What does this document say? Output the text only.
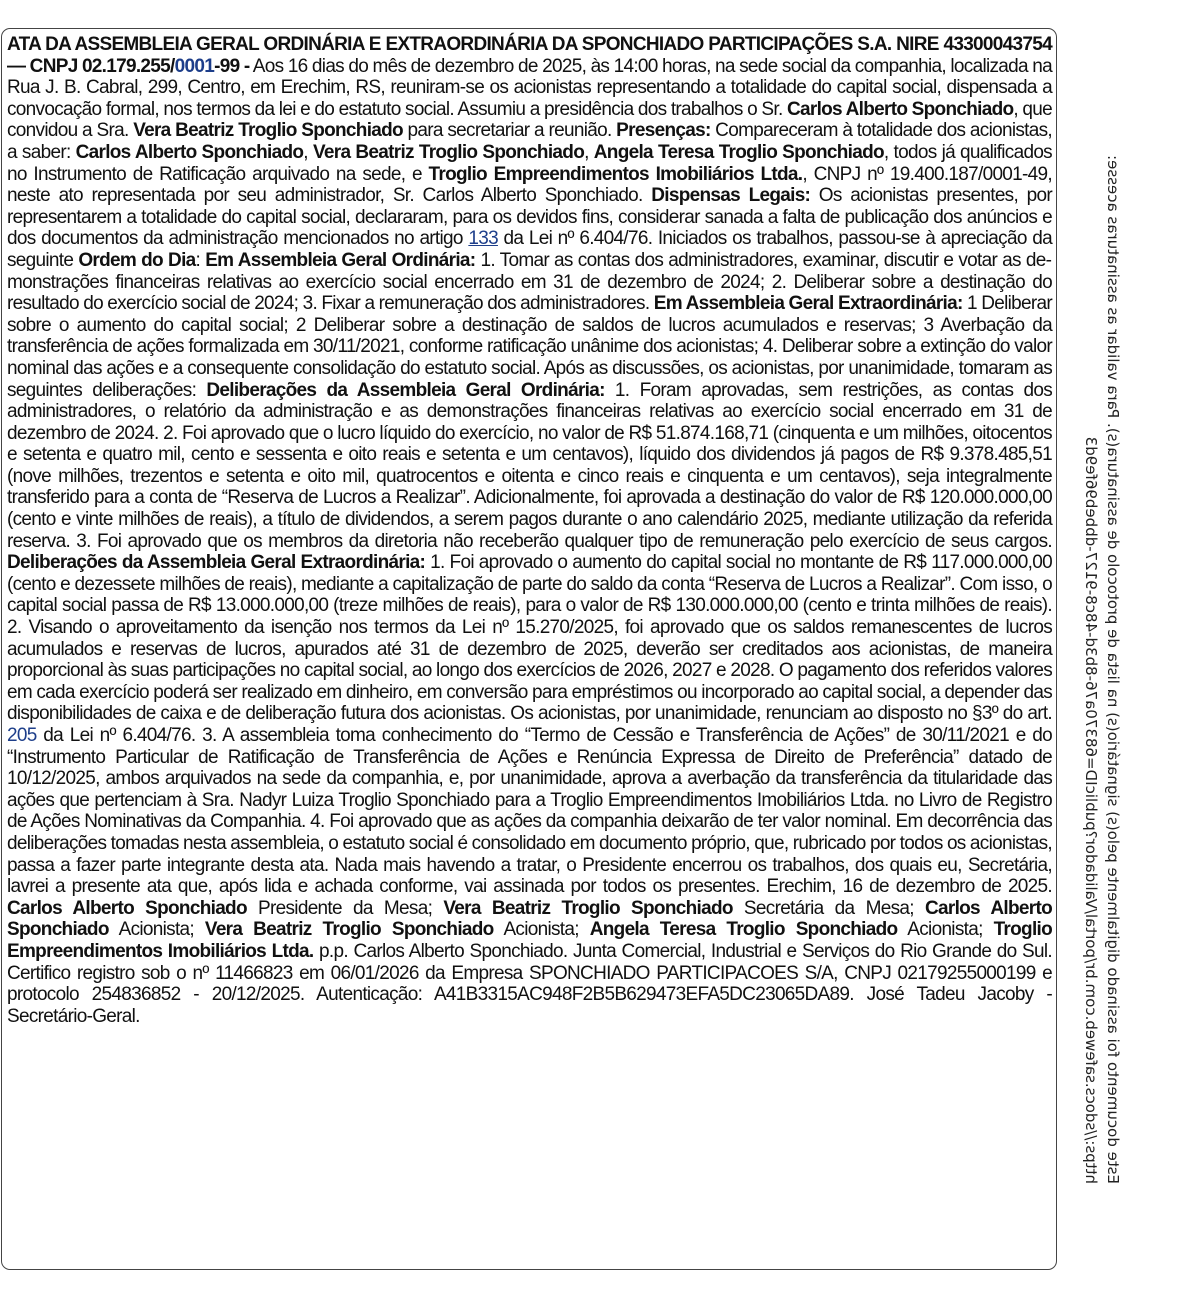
ATA DA ASSEMBLEIA GERAL ORDINÁRIA E EXTRAORDINÁRIA DA SPONCHIADO PARTICIPAÇÕES S.A. NIRE 43300043754 — CNPJ 02.179.255/0001-99 - Aos 16 dias do mês de dezembro de 2025, às 14:00 horas, na sede social da companhia, localizada na Rua J. B. Cabral, 299, Centro, em Erechim, RS, reuniram-se os acionistas representando a totalidade do capital social, dispensada a convocação formal, nos termos da lei e do estatuto social. Assumiu a presidência dos trabalhos o Sr. Carlos Alberto Sponchiado, que convidou a Sra. Vera Beatriz Troglio Sponchiado para secretariar a reunião. Presenças: Compareceram à totalidade dos acionistas, a saber: Carlos Alberto Sponchiado, Vera Beatriz Troglio Sponchiado, Angela Teresa Troglio Sponchiado, todos já qualificados no Instrumento de Ratificação arquivado na sede, e Troglio Empreendimentos Imobiliários Ltda., CNPJ nº 19.400.187/0001-49, neste ato representada por seu administrador, Sr. Carlos Alberto Sponchiado. Dispensas Legais: Os acionistas presentes, por representarem a totalidade do capital social, declararam, para os devidos fins, considerar sanada a falta de publicação dos anúncios e dos documentos da administração mencionados no artigo 133 da Lei nº 6.404/76. Iniciados os trabalhos, passou-se à apreciação da seguinte Ordem do Dia: Em Assembleia Geral Ordinária: 1. Tomar as contas dos administradores, examinar, discutir e votar as demonstrações financeiras relativas ao exercício social encerrado em 31 de dezembro de 2024; 2. Deliberar sobre a destinação do resultado do exercício social de 2024; 3. Fixar a remuneração dos administradores. Em Assembleia Geral Extraordinária: 1 Deliberar sobre o aumento do capital social; 2 Deliberar sobre a destinação de saldos de lucros acumulados e reservas; 3 Averbação da transferência de ações formalizada em 30/11/2021, conforme ratificação unânime dos acionistas; 4. Deliberar sobre a extinção do valor nominal das ações e a consequente consolidação do estatuto social. Após as discussões, os acionistas, por unanimidade, tomaram as seguintes deliberações: Deliberações da Assembleia Geral Ordinária: 1. Foram aprovadas, sem restrições, as contas dos administradores, o relatório da administração e as demonstrações financeiras relativas ao exercício social encerrado em 31 de dezembro de 2024. 2. Foi aprovado que o lucro líquido do exercício, no valor de R$ 51.874.168,71 (cinquenta e um milhões, oitocentos e setenta e quatro mil, cento e sessenta e oito reais e setenta e um centavos), líquido dos dividendos já pagos de R$ 9.378.485,51 (nove milhões, trezentos e setenta e oito mil, quatrocentos e oitenta e cinco reais e cinquenta e um centavos), seja integralmente transferido para a conta de “Reserva de Lucros a Realizar”. Adicionalmente, foi aprovada a destinação do valor de R$ 120.000.000,00 (cento e vinte milhões de reais), a título de dividendos, a serem pagos durante o ano calendário 2025, mediante utilização da referida reserva. 3. Foi aprovado que os membros da diretoria não receberão qualquer tipo de remuneração pelo exercício de seus cargos. Deliberações da Assembleia Geral Extraordinária: 1. Foi aprovado o aumento do capital social no montante de R$ 117.000.000,00 (cento e dezessete milhões de reais), mediante a capitalização de parte do saldo da conta “Reserva de Lucros a Realizar”. Com isso, o capital social passa de R$ 13.000.000,00 (treze milhões de reais), para o valor de R$ 130.000.000,00 (cento e trinta milhões de reais). 2. Visando o aproveitamento da isenção nos termos da Lei nº 15.270/2025, foi aprovado que os saldos remanescentes de lucros acumulados e reservas de lucros, apurados até 31 de dezembro de 2025, deverão ser creditados aos acionistas, de maneira proporcional às suas participações no capital social, ao longo dos exercícios de 2026, 2027 e 2028. O pagamento dos referidos valores em cada exercício poderá ser realizado em dinheiro, em conversão para empréstimos ou incorporado ao capital social, a depender das disponibilidades de caixa e de deliberação futura dos acionistas. Os acionistas, por unanimidade, renunciam ao disposto no §3º do art. 205 da Lei nº 6.404/76. 3. A assembleia toma conhecimento do “Termo de Cessão e Transferência de Ações” de 30/11/2021 e do “Instrumento Particular de Ratificação de Transferência de Ações e Renúncia Expressa de Direito de Preferência” datado de 10/12/2025, ambos arquivados na sede da companhia, e, por unanimidade, aprova a averbação da transferência da titularidade das ações que pertenciam à Sra. Nadyr Luiza Troglio Sponchiado para a Troglio Empreendimentos Imobiliários Ltda. no Livro de Registro de Ações Nominativas da Companhia. 4. Foi aprovado que as ações da companhia deixarão de ter valor nominal. Em decorrência das deliberações tomadas nesta assembleia, o estatuto social é consolidado em documento próprio, que, rubricado por todos os acionistas, passa a fazer parte integrante desta ata. Nada mais havendo a tratar, o Presidente encerrou os trabalhos, dos quais eu, Secretária, lavrei a presente ata que, após lida e achada conforme, vai assinada por todos os presentes. Erechim, 16 de dezembro de 2025. Carlos Alberto Sponchiado Presidente da Mesa; Vera Beatriz Troglio Sponchiado Secretária da Mesa; Carlos Alberto Sponchiado Acionista; Vera Beatriz Troglio Sponchiado Acionista; Angela Teresa Troglio Sponchiado Acionista; Troglio Empreendimentos Imobiliários Ltda. p.p. Carlos Alberto Sponchiado. Junta Comercial, Industrial e Serviços do Rio Grande do Sul. Certifico registro sob o nº 11466823 em 06/01/2026 da Empresa SPONCHIADO PARTICIPACOES S/A, CNPJ 02179255000199 e protocolo 254836852 - 20/12/2025. Autenticação: A41B3315AC948F2B5B629473EFA5DC23065DA89. José Tadeu Jacoby - Secretário-Geral.	Este documento foi assinado digitalmente pelo(s) signatário(s) na lista de protocolo de assinatura(s). Para validar as assinaturas acesse:
https://sdocs.safeweb.com.br/portal/Validador?publicID=68370a76-8b3d-48c8-9127-dbbeb96fe9d3
